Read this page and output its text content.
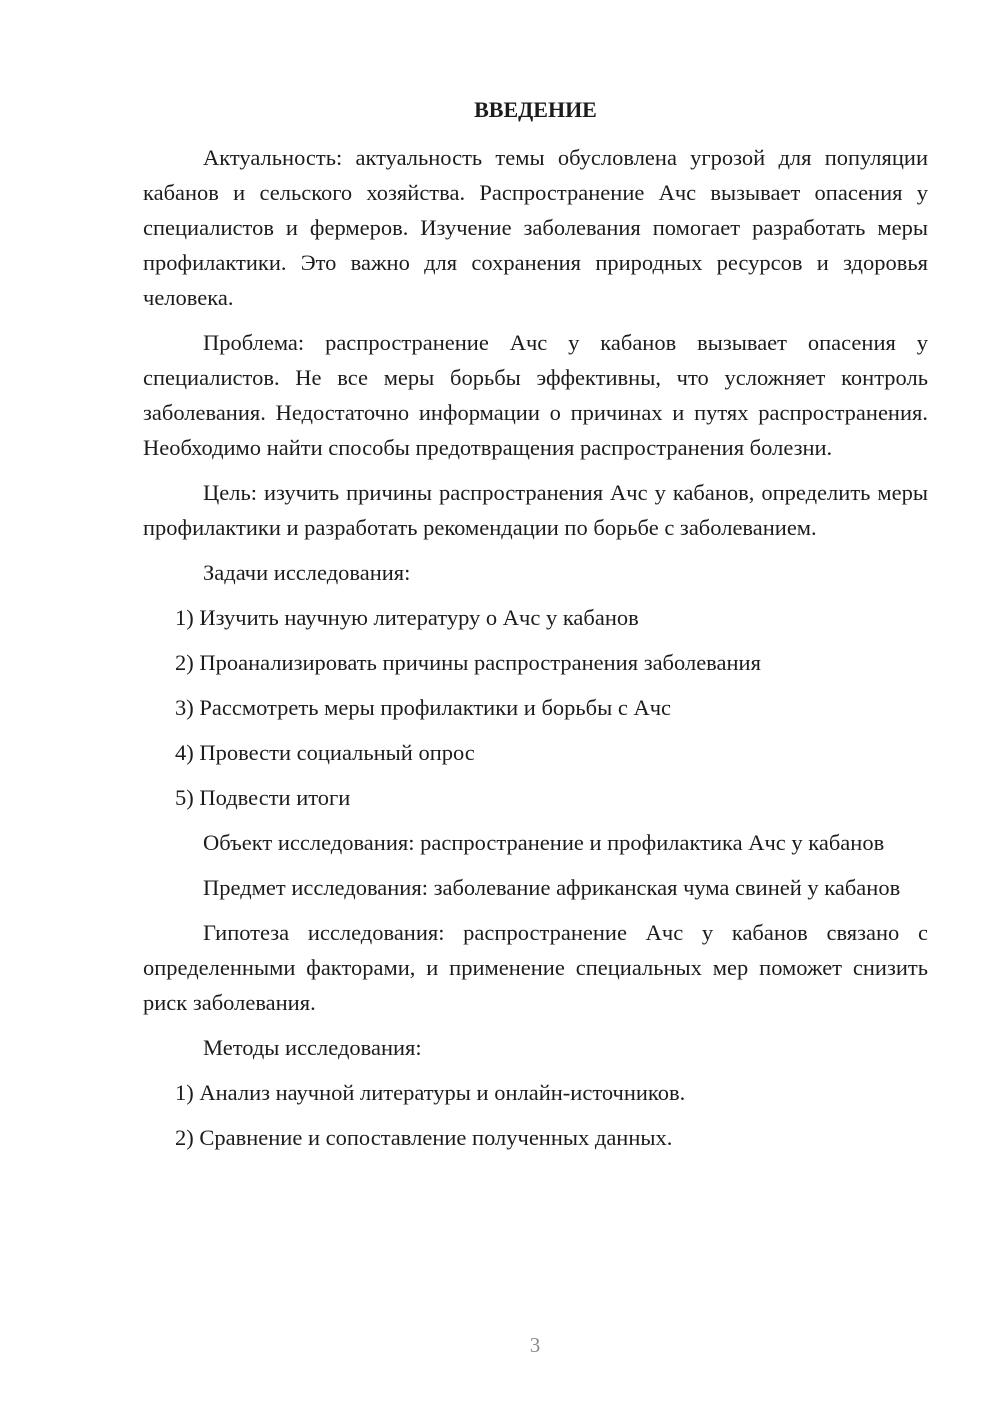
ВВЕДЕНИЕ

Актуальность: актуальность темы обусловлена угрозой для популяции кабанов и сельского хозяйства. Распространение Ачс вызывает опасения у специалистов и фермеров. Изучение заболевания помогает разработать меры профилактики. Это важно для сохранения природных ресурсов и здоровья человека.

Проблема: распространение Ачс у кабанов вызывает опасения у специалистов. Не все меры борьбы эффективны, что усложняет контроль заболевания. Недостаточно информации о причинах и путях распространения. Необходимо найти способы предотвращения распространения болезни.

Цель: изучить причины распространения Ачс у кабанов, определить меры профилактики и разработать рекомендации по борьбе с заболеванием.

Задачи исследования:

1) Изучить научную литературу о Ачс у кабанов

2) Проанализировать причины распространения заболевания

3) Рассмотреть меры профилактики и борьбы с Ачс

4) Провести социальный опрос

5) Подвести итоги

Объект исследования: распространение и профилактика Ачс у кабанов

Предмет исследования: заболевание африканская чума свиней у кабанов

Гипотеза исследования: распространение Ачс у кабанов связано с определенными факторами, и применение специальных мер поможет снизить риск заболевания.

Методы исследования:

1) Анализ научной литературы и онлайн-источников.

2) Сравнение и сопоставление полученных данных.

3
